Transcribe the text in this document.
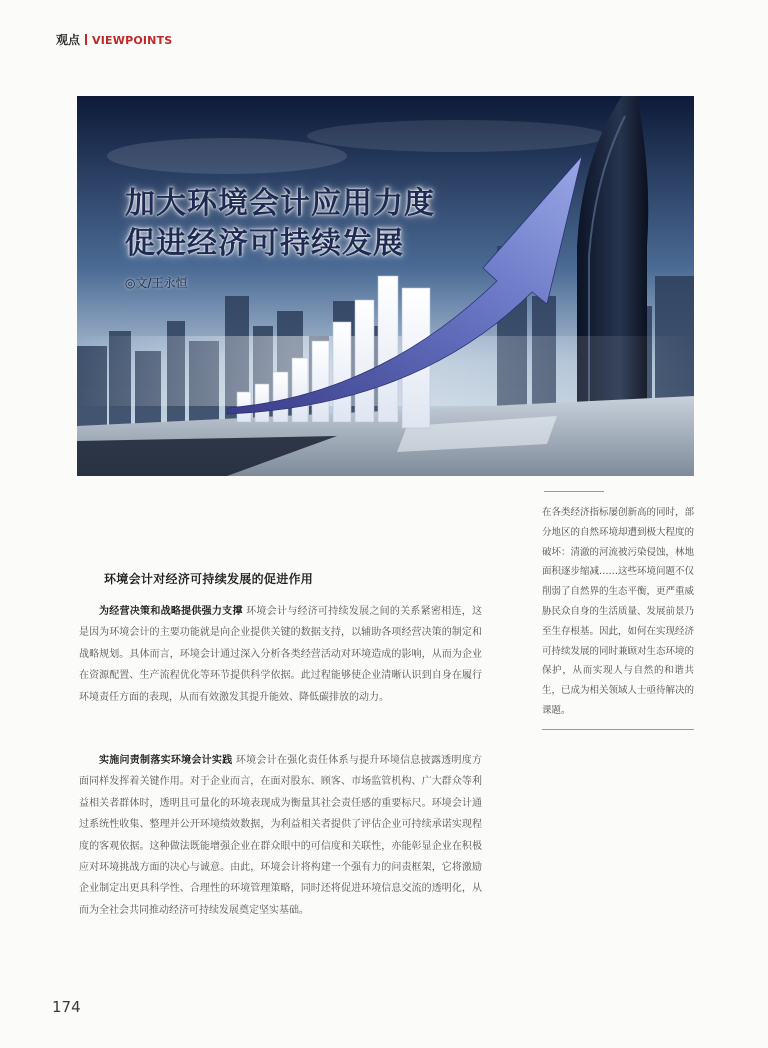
观点 VIEWPOINTS
加大环境会计应用力度
促进经济可持续发展
◎文/王永恒
在各类经济指标屡创新高的同时，部分地区的自然环境却遭到极大程度的破坏：清澈的河流被污染侵蚀，林地面积逐步缩减……这些环境问题不仅削弱了自然界的生态平衡，更严重威胁民众自身的生活质量、发展前景乃至生存根基。因此，如何在实现经济可持续发展的同时兼顾对生态环境的保护，从而实现人与自然的和谐共生，已成为相关领域人士亟待解决的课题。
环境会计对经济可持续发展的促进作用
为经营决策和战略提供强力支撑 环境会计与经济可持续发展之间的关系紧密相连，这是因为环境会计的主要功能就是向企业提供关键的数据支持，以辅助各项经营决策的制定和战略规划。具体而言，环境会计通过深入分析各类经营活动对环境造成的影响，从而为企业在资源配置、生产流程优化等环节提供科学依据。此过程能够使企业清晰认识到自身在履行环境责任方面的表现，从而有效激发其提升能效、降低碳排放的动力。
实施问责制落实环境会计实践 环境会计在强化责任体系与提升环境信息披露透明度方面同样发挥着关键作用。对于企业而言，在面对股东、顾客、市场监管机构、广大群众等利益相关者群体时，透明且可量化的环境表现成为衡量其社会责任感的重要标尺。环境会计通过系统性收集、整理并公开环境绩效数据，为利益相关者提供了评估企业可持续承诺实现程度的客观依据。这种做法既能增强企业在群众眼中的可信度和关联性，亦能彰显企业在积极应对环境挑战方面的决心与诚意。由此，环境会计将构建一个强有力的问责框架，它将激励企业制定出更具科学性、合理性的环境管理策略，同时还将促进环境信息交流的透明化，从而为全社会共同推动经济可持续发展奠定坚实基础。
174
